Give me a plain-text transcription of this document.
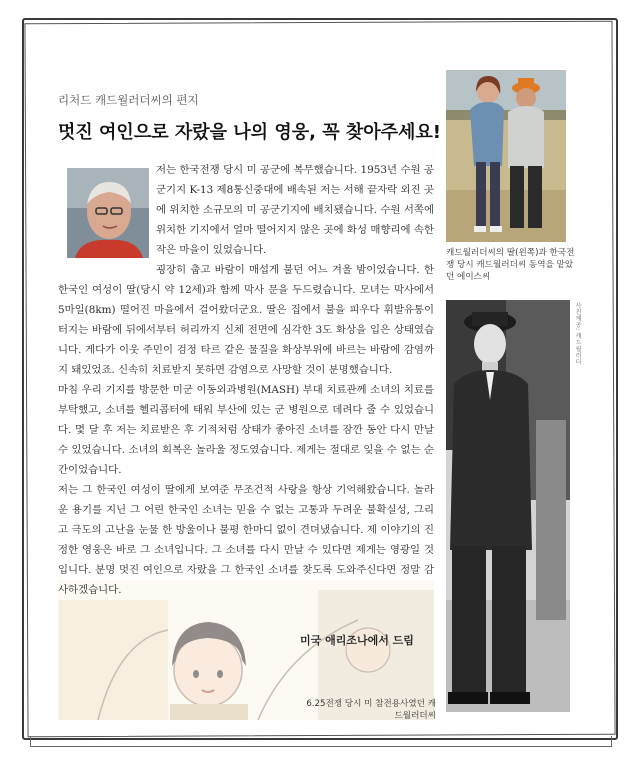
리처드 캐드월러더씨의 편지
멋진 여인으로 자랐을 나의 영웅, 꼭 찾아주세요!

저는 한국전쟁 당시 미 공군에 복무했습니다. 1953년 수원 공군기지 K-13 제8통신중대에 배속된 저는 서해 끝자락 외진 곳에 위치한 소규모의 미 공군기지에 배치됐습니다. 수원 서쪽에 위치한 기지에서 얼마 떨어지지 않은 곳에 화성 매향리에 속한 작은 마을이 있었습니다.

굉장히 춥고 바람이 매섭게 불던 어느 겨울 밤이었습니다. 한 한국인 여성이 딸(당시 약 12세)과 함께 막사 문을 두드렸습니다. 모녀는 막사에서 5마일(8km) 떨어진 마을에서 걸어왔더군요. 딸은 집에서 불을 피우다 휘발유통이 터지는 바람에 뒤에서부터 허리까지 신체 전면에 심각한 3도 화상을 입은 상태였습니다. 게다가 이웃 주민이 검정 타르 같은 물질을 화상부위에 바르는 바람에 감염까지 돼있었죠. 신속히 치료받지 못하면 감염으로 사망할 것이 분명했습니다.

마침 우리 기지를 방문한 미군 이동외과병원(MASH) 부대 치료관께 소녀의 치료를 부탁했고, 소녀를 헬리콥터에 태워 부산에 있는 군 병원으로 데려다 줄 수 있었습니다. 몇 달 후 저는 치료받은 후 기적처럼 상태가 좋아진 소녀를 잠깐 동안 다시 만날 수 있었습니다. 소녀의 회복은 놀라울 정도였습니다. 제게는 절대로 잊을 수 없는 순간이었습니다.

저는 그 한국인 여성이 딸에게 보여준 무조건적 사랑을 항상 기억해왔습니다. 놀라운 용기를 지닌 그 어린 한국인 소녀는 믿을 수 없는 고통과 두려운 불확실성, 그리고 극도의 고난을 눈물 한 방울이나 불평 한마디 없이 견뎌냈습니다. 제 이야기의 진정한 영웅은 바로 그 소녀입니다. 그 소녀를 다시 만날 수 있다면 제게는 영광일 것입니다. 분명 멋진 여인으로 자랐을 그 한국인 소녀를 찾도록 도와주신다면 정말 감사하겠습니다.

미국 애리조나에서 드림
캐드월러더씨의 딸(왼쪽)과 한국전쟁 당시 캐드월러더씨 동역을 맡았던 에이스씨
사진제공: 캐드월러더
6.25전쟁 당시 미 참전용사였던 캐드월러더씨
